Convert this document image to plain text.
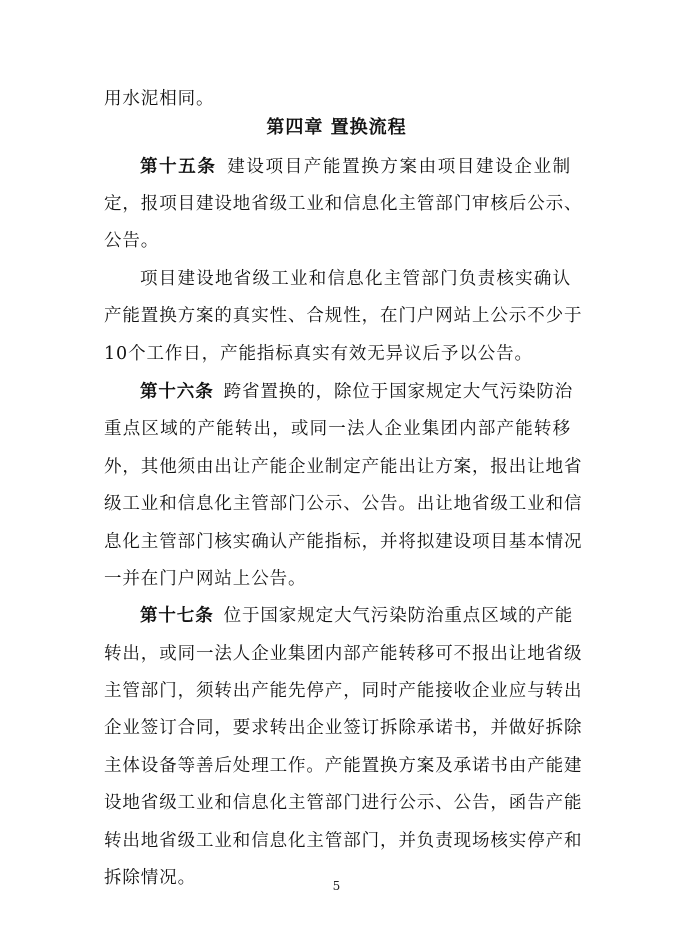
用水泥相同。
第四章 置换流程
第十五条 建设项目产能置换方案由项目建设企业制
定，报项目建设地省级工业和信息化主管部门审核后公示、
公告。
项目建设地省级工业和信息化主管部门负责核实确认
产能置换方案的真实性、合规性，在门户网站上公示不少于
10个工作日，产能指标真实有效无异议后予以公告。
第十六条 跨省置换的，除位于国家规定大气污染防治
重点区域的产能转出，或同一法人企业集团内部产能转移
外，其他须由出让产能企业制定产能出让方案，报出让地省
级工业和信息化主管部门公示、公告。出让地省级工业和信
息化主管部门核实确认产能指标，并将拟建设项目基本情况
一并在门户网站上公告。
第十七条 位于国家规定大气污染防治重点区域的产能
转出，或同一法人企业集团内部产能转移可不报出让地省级
主管部门，须转出产能先停产，同时产能接收企业应与转出
企业签订合同，要求转出企业签订拆除承诺书，并做好拆除
主体设备等善后处理工作。产能置换方案及承诺书由产能建
设地省级工业和信息化主管部门进行公示、公告，函告产能
转出地省级工业和信息化主管部门，并负责现场核实停产和
拆除情况。	5
